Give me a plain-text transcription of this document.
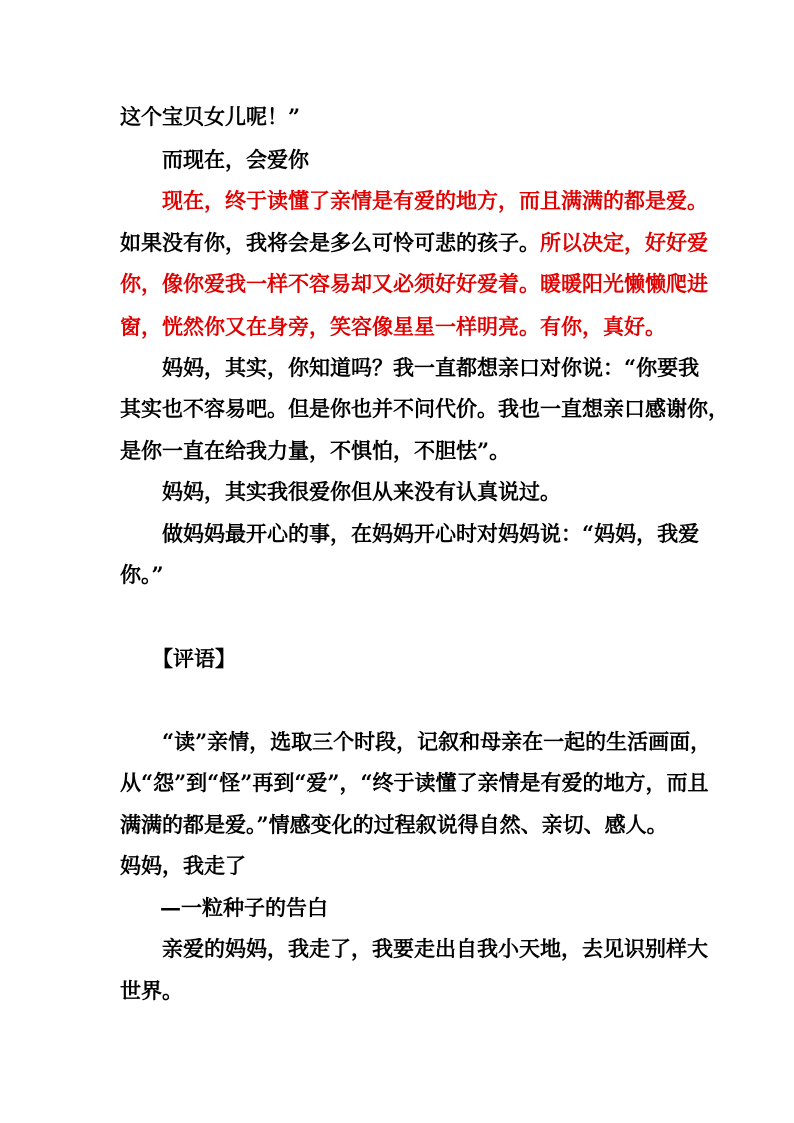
这个宝贝女儿呢！”

而现在，会爱你

现在，终于读懂了亲情是有爱的地方，而且满满的都是爱。

如果没有你，我将会是多么可怜可悲的孩子。所以决定，好好爱

你，像你爱我一样不容易却又必须好好爱着。暖暖阳光懒懒爬进

窗，恍然你又在身旁，笑容像星星一样明亮。有你，真好。

妈妈，其实，你知道吗？我一直都想亲口对你说：“你要我

其实也不容易吧。但是你也并不问代价。我也一直想亲口感谢你，

是你一直在给我力量，不惧怕，不胆怯”。

妈妈，其实我很爱你但从来没有认真说过。

做妈妈最开心的事，在妈妈开心时对妈妈说：“妈妈，我爱

你。”

【评语】

“读”亲情，选取三个时段，记叙和母亲在一起的生活画面，

从“怨”到“怪”再到“爱”，“终于读懂了亲情是有爱的地方，而且

满满的都是爱。”情感变化的过程叙说得自然、亲切、感人。

妈妈，我走了

—一粒种子的告白

亲爱的妈妈，我走了，我要走出自我小天地，去见识别样大

世界。
